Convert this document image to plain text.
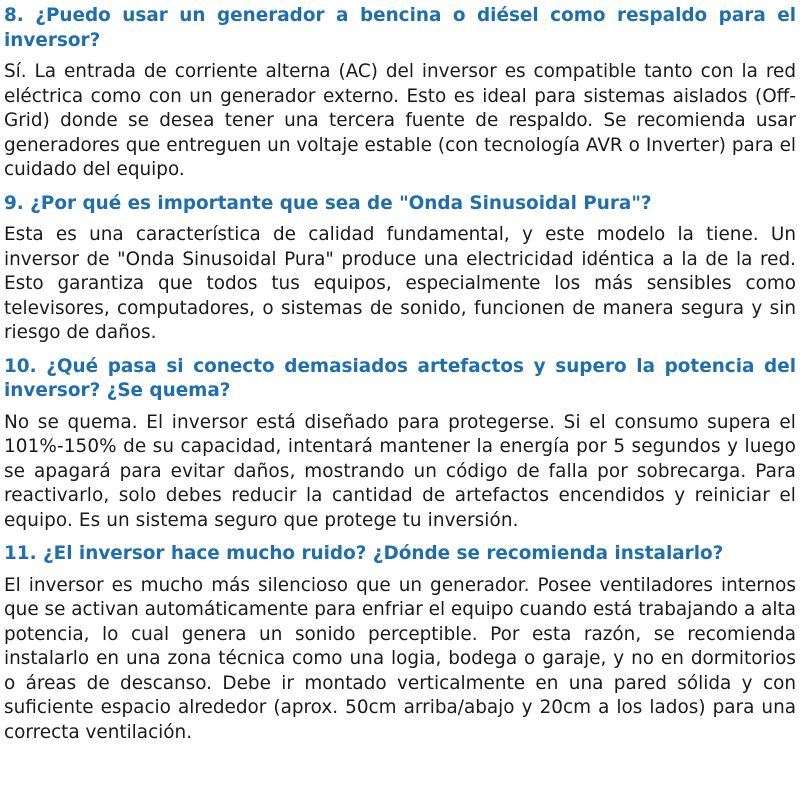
8. ¿Puedo usar un generador a bencina o diésel como respaldo para el inversor?

Sí. La entrada de corriente alterna (AC) del inversor es compatible tanto con la red eléctrica como con un generador externo. Esto es ideal para sistemas aislados (Off-Grid) donde se desea tener una tercera fuente de respaldo. Se recomienda usar generadores que entreguen un voltaje estable (con tecnología AVR o Inverter) para el cuidado del equipo.

9. ¿Por qué es importante que sea de "Onda Sinusoidal Pura"?

Esta es una característica de calidad fundamental, y este modelo la tiene. Un inversor de "Onda Sinusoidal Pura" produce una electricidad idéntica a la de la red. Esto garantiza que todos tus equipos, especialmente los más sensibles como televisores, computadores, o sistemas de sonido, funcionen de manera segura y sin riesgo de daños.

10. ¿Qué pasa si conecto demasiados artefactos y supero la potencia del inversor? ¿Se quema?

No se quema. El inversor está diseñado para protegerse. Si el consumo supera el 101%-150% de su capacidad, intentará mantener la energía por 5 segundos y luego se apagará para evitar daños, mostrando un código de falla por sobrecarga. Para reactivarlo, solo debes reducir la cantidad de artefactos encendidos y reiniciar el equipo. Es un sistema seguro que protege tu inversión.

11. ¿El inversor hace mucho ruido? ¿Dónde se recomienda instalarlo?

El inversor es mucho más silencioso que un generador. Posee ventiladores internos que se activan automáticamente para enfriar el equipo cuando está trabajando a alta potencia, lo cual genera un sonido perceptible. Por esta razón, se recomienda instalarlo en una zona técnica como una logia, bodega o garaje, y no en dormitorios o áreas de descanso. Debe ir montado verticalmente en una pared sólida y con suficiente espacio alrededor (aprox. 50cm arriba/abajo y 20cm a los lados) para una correcta ventilación.
